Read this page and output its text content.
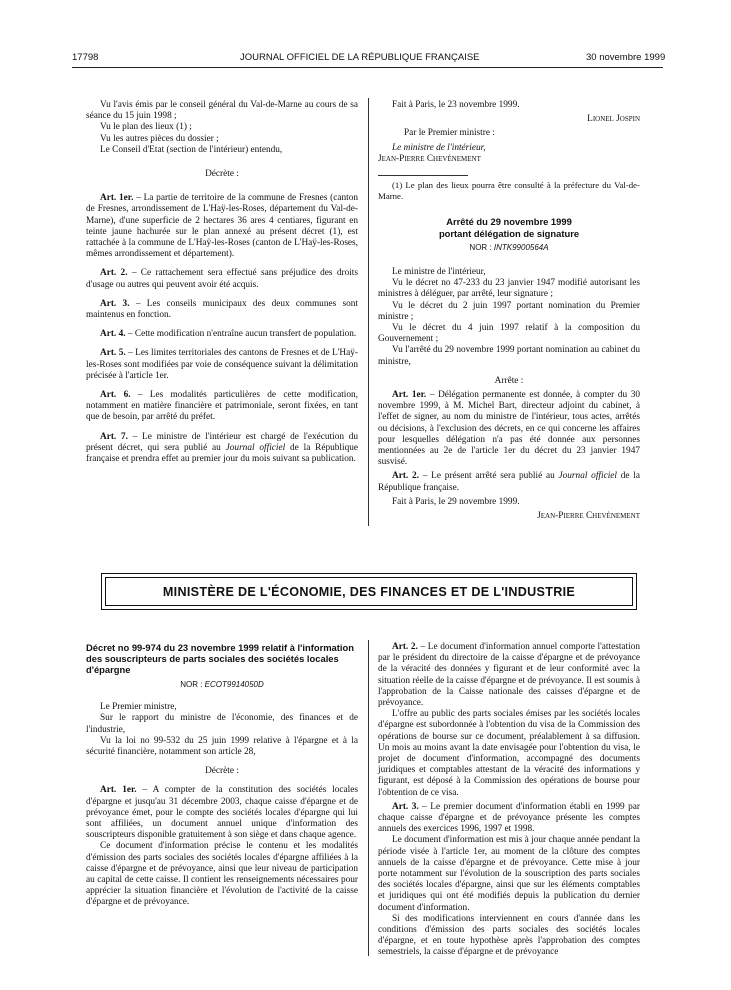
17798	JOURNAL OFFICIEL DE LA RÉPUBLIQUE FRANÇAISE	30 novembre 1999

Vu l'avis émis par le conseil général du Val-de-Marne au cours de sa séance du 15 juin 1998 ;

Vu le plan des lieux (1) ;

Vu les autres pièces du dossier ;

Le Conseil d'Etat (section de l'intérieur) entendu,

Décrète :

Art. 1er. – La partie de territoire de la commune de Fresnes (canton de Fresnes, arrondissement de L'Haÿ-les-Roses, département du Val-de-Marne), d'une superficie de 2 hectares 36 ares 4 centiares, figurant en teinte jaune hachurée sur le plan annexé au présent décret (1), est rattachée à la commune de L'Haÿ-les-Roses (canton de L'Haÿ-les-Roses, mêmes arrondissement et département).

Art. 2. – Ce rattachement sera effectué sans préjudice des droits d'usage ou autres qui peuvent avoir été acquis.

Art. 3. – Les conseils municipaux des deux communes sont maintenus en fonction.

Art. 4. – Cette modification n'entraîne aucun transfert de population.

Art. 5. – Les limites territoriales des cantons de Fresnes et de L'Haÿ-les-Roses sont modifiées par voie de conséquence suivant la délimitation précisée à l'article 1er.

Art. 6. – Les modalités particulières de cette modification, notamment en matière financière et patrimoniale, seront fixées, en tant que de besoin, par arrêté du préfet.

Art. 7. – Le ministre de l'intérieur est chargé de l'exécution du présent décret, qui sera publié au Journal officiel de la République française et prendra effet au premier jour du mois suivant sa publication.

Fait à Paris, le 23 novembre 1999.

Lionel Jospin

Par le Premier ministre :

Le ministre de l'intérieur,

Jean-Pierre Chevènement

(1) Le plan des lieux pourra être consulté à la préfecture du Val-de-Marne.

Arrêté du 29 novembre 1999

portant délégation de signature

NOR : INTK9900564A

Le ministre de l'intérieur,

Vu le décret no 47-233 du 23 janvier 1947 modifié autorisant les ministres à déléguer, par arrêté, leur signature ;

Vu le décret du 2 juin 1997 portant nomination du Premier ministre ;

Vu le décret du 4 juin 1997 relatif à la composition du Gouvernement ;

Vu l'arrêté du 29 novembre 1999 portant nomination au cabinet du ministre,

Arrête :

Art. 1er. – Délégation permanente est donnée, à compter du 30 novembre 1999, à M. Michel Bart, directeur adjoint du cabinet, à l'effet de signer, au nom du ministre de l'intérieur, tous actes, arrêtés ou décisions, à l'exclusion des décrets, en ce qui concerne les affaires pour lesquelles délégation n'a pas été donnée aux personnes mentionnées au 2e de l'article 1er du décret du 23 janvier 1947 susvisé.

Art. 2. – Le présent arrêté sera publié au Journal officiel de la République française.

Fait à Paris, le 29 novembre 1999.

Jean-Pierre Chevènement

MINISTÈRE DE L'ÉCONOMIE, DES FINANCES ET DE L'INDUSTRIE

Décret no 99-974 du 23 novembre 1999 relatif à l'information des souscripteurs de parts sociales des sociétés locales d'épargne

NOR : ECOT9914050D

Le Premier ministre,

Sur le rapport du ministre de l'économie, des finances et de l'industrie,

Vu la loi no 99-532 du 25 juin 1999 relative à l'épargne et à la sécurité financière, notamment son article 28,

Décrète :

Art. 1er. – A compter de la constitution des sociétés locales d'épargne et jusqu'au 31 décembre 2003, chaque caisse d'épargne et de prévoyance émet, pour le compte des sociétés locales d'épargne qui lui sont affiliées, un document annuel unique d'information des souscripteurs disponible gratuitement à son siège et dans chaque agence.

Ce document d'information précise le contenu et les modalités d'émission des parts sociales des sociétés locales d'épargne affiliées à la caisse d'épargne et de prévoyance, ainsi que leur niveau de participation au capital de cette caisse. Il contient les renseignements nécessaires pour apprécier la situation financière et l'évolution de l'activité de la caisse d'épargne et de prévoyance.

Art. 2. – Le document d'information annuel comporte l'attestation par le président du directoire de la caisse d'épargne et de prévoyance de la véracité des données y figurant et de leur conformité avec la situation réelle de la caisse d'épargne et de prévoyance. Il est soumis à l'approbation de la Caisse nationale des caisses d'épargne et de prévoyance.

L'offre au public des parts sociales émises par les sociétés locales d'épargne est subordonnée à l'obtention du visa de la Commission des opérations de bourse sur ce document, préalablement à sa diffusion. Un mois au moins avant la date envisagée pour l'obtention du visa, le projet de document d'information, accompagné des documents juridiques et comptables attestant de la véracité des informations y figurant, est déposé à la Commission des opérations de bourse pour l'obtention de ce visa.

Art. 3. – Le premier document d'information établi en 1999 par chaque caisse d'épargne et de prévoyance présente les comptes annuels des exercices 1996, 1997 et 1998.

Le document d'information est mis à jour chaque année pendant la période visée à l'article 1er, au moment de la clôture des comptes annuels de la caisse d'épargne et de prévoyance. Cette mise à jour porte notamment sur l'évolution de la souscription des parts sociales des sociétés locales d'épargne, ainsi que sur les éléments comptables et juridiques qui ont été modifiés depuis la publication du dernier document d'information.

Si des modifications interviennent en cours d'année dans les conditions d'émission des parts sociales des sociétés locales d'épargne, et en toute hypothèse après l'approbation des comptes semestriels, la caisse d'épargne et de prévoyance
